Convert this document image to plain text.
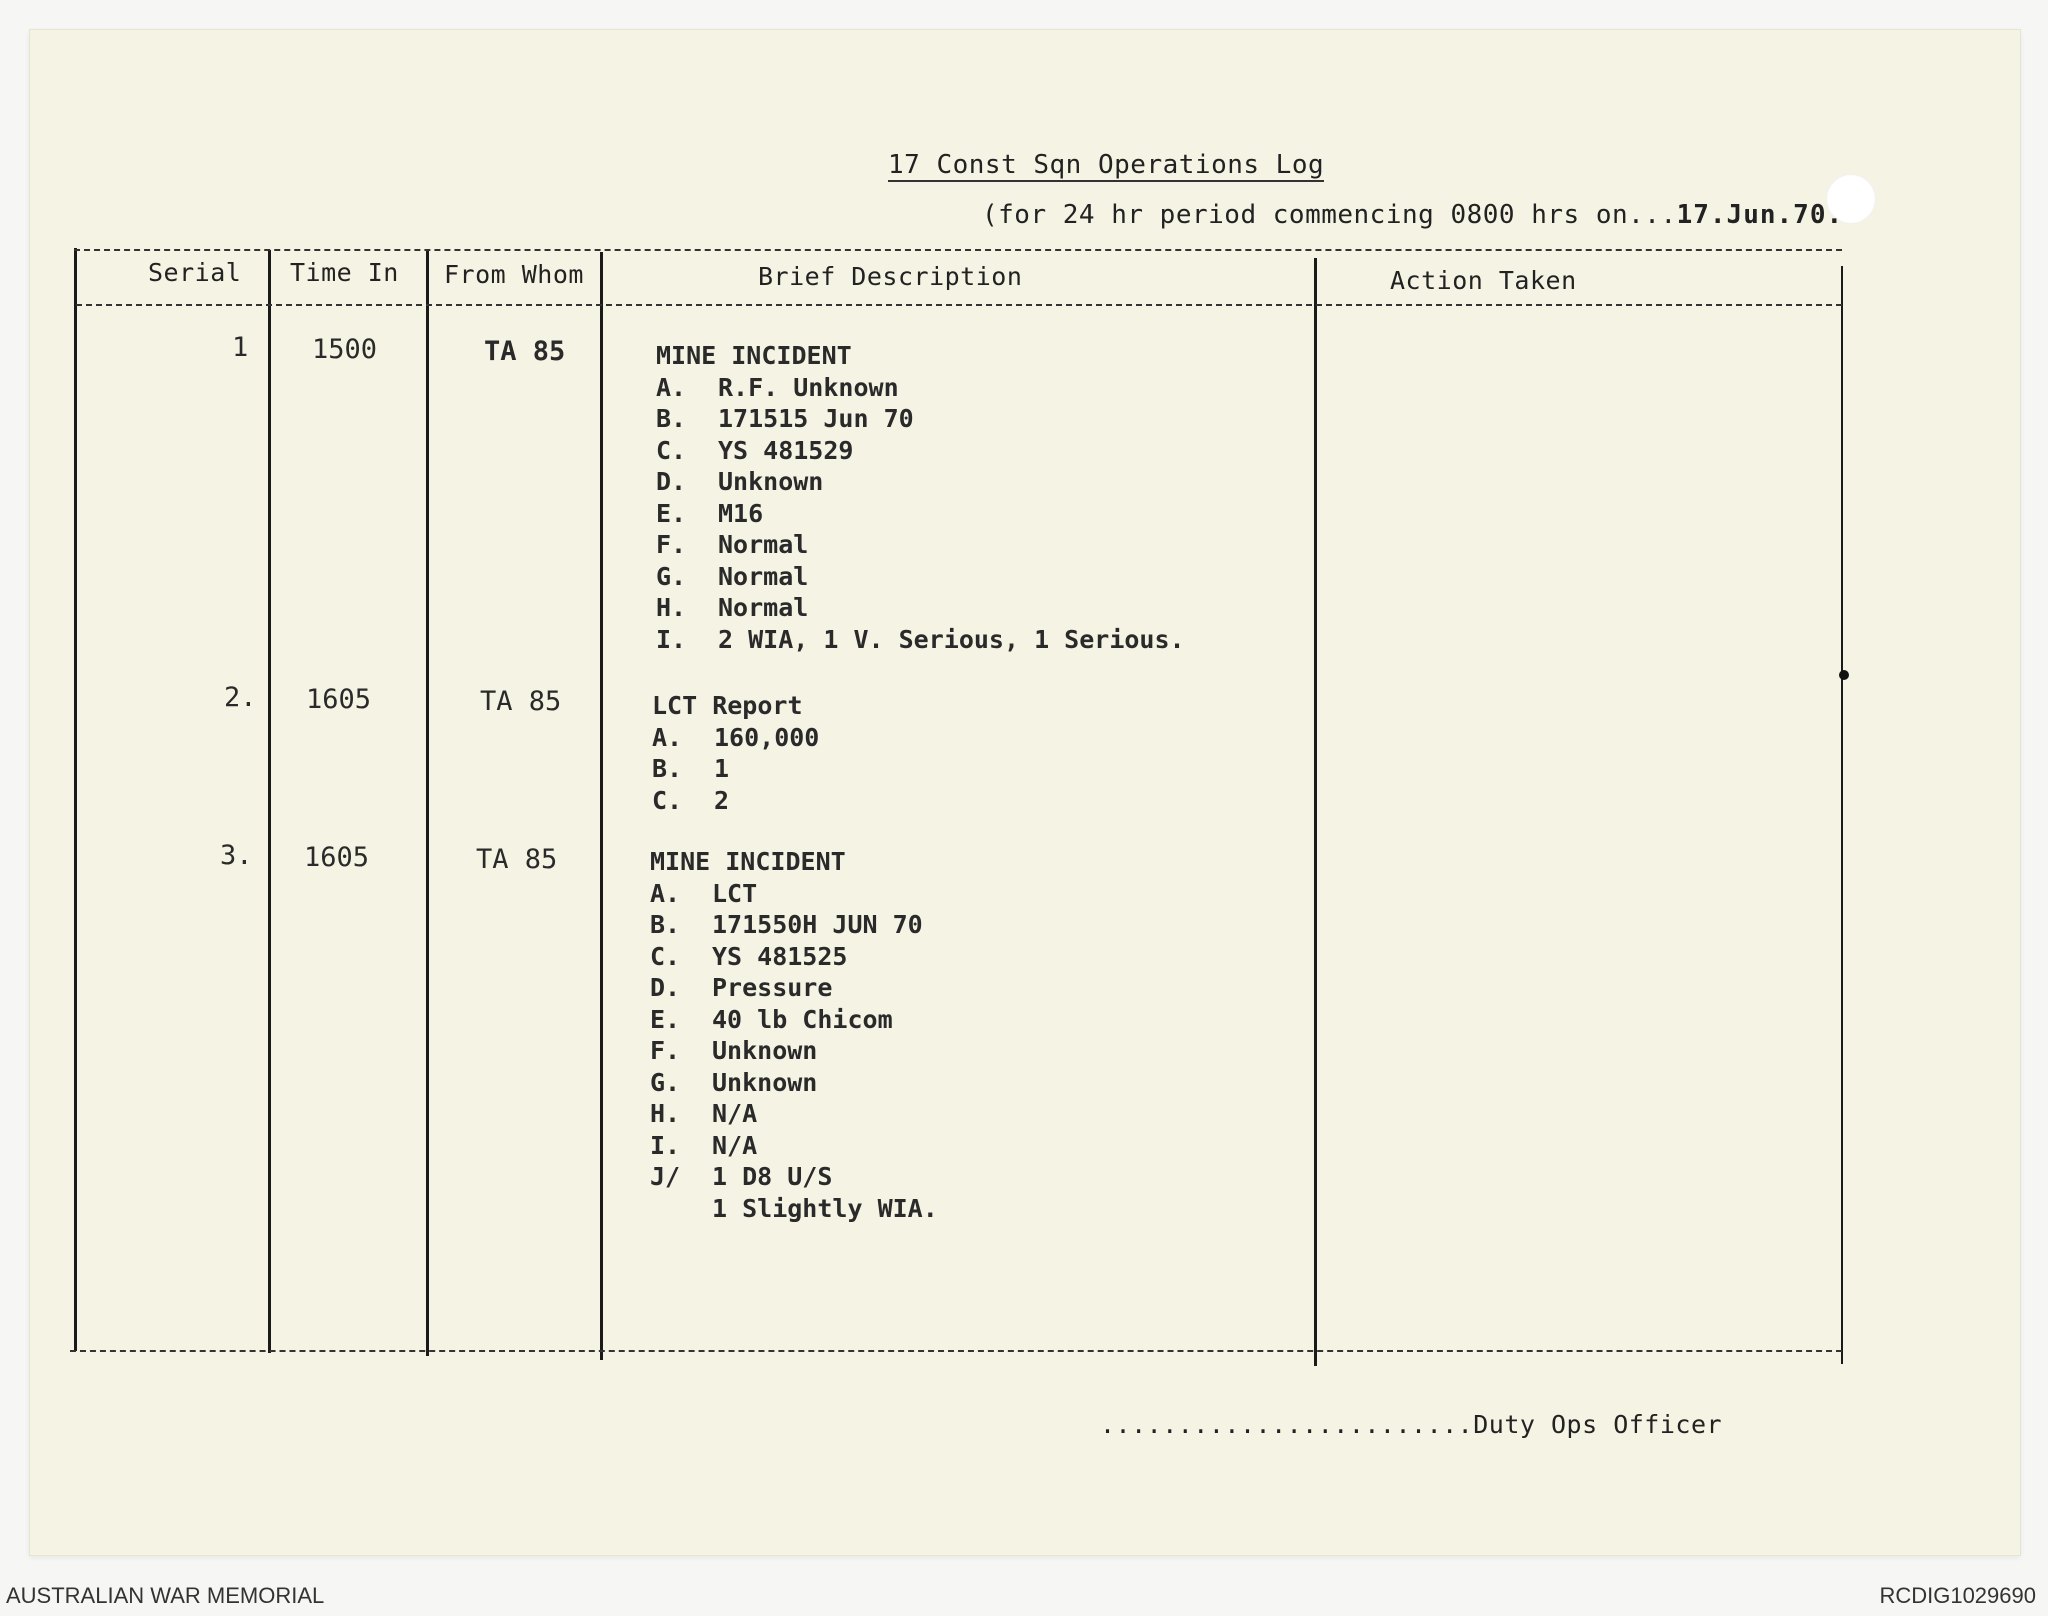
17 Const Sqn Operations Log
(for 24 hr period commencing 0800 hrs on...17.Jun.70.
Serial Time In From Whom	Brief Description	Action Taken
1 1500	TA 85	MINE INCIDENT
A. R.F. Unknown
B. 171515 Jun 70
C. YS 481529
D. Unknown
E. M16
F. Normal
G. Normal
H. Normal
I. 2 WIA, 1 V. Serious, 1 Serious.
2. 1605	TA 85	LCT Report
A. 160,000
B. 1
C. 2
3. 1605	TA 85	MINE INCIDENT
A. LCT
B. 171550H JUN 70
C. YS 481525
D. Pressure
E. 40 lb Chicom
F. Unknown
G. Unknown
H. N/A
I. N/A
J/ 1 D8 U/S
1 Slightly WIA.
........................Duty Ops Officer
AUSTRALIAN WAR MEMORIAL	RCDIG1029690
